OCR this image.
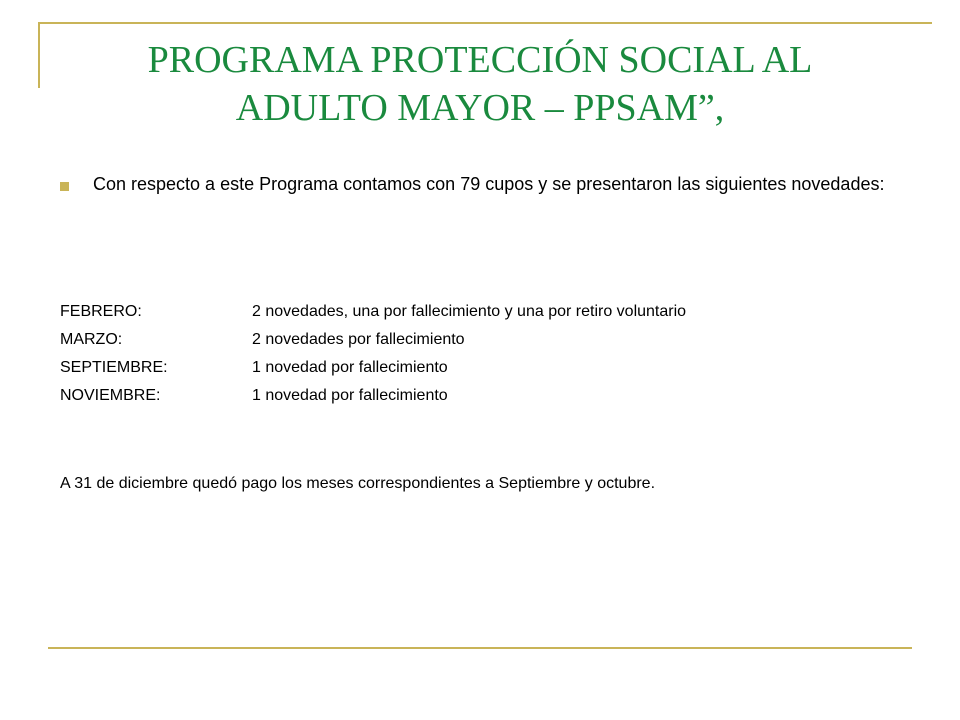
PROGRAMA PROTECCIÓN SOCIAL AL
ADULTO MAYOR – PPSAM”,
Con respecto a este Programa contamos con 79 cupos y se presentaron las siguientes novedades:
FEBRERO:	2 novedades, una por fallecimiento y una por retiro voluntario
MARZO:	2 novedades por fallecimiento
SEPTIEMBRE:	1 novedad por fallecimiento
NOVIEMBRE:	1 novedad por fallecimiento
A 31 de diciembre quedó pago los meses correspondientes a Septiembre y octubre.
